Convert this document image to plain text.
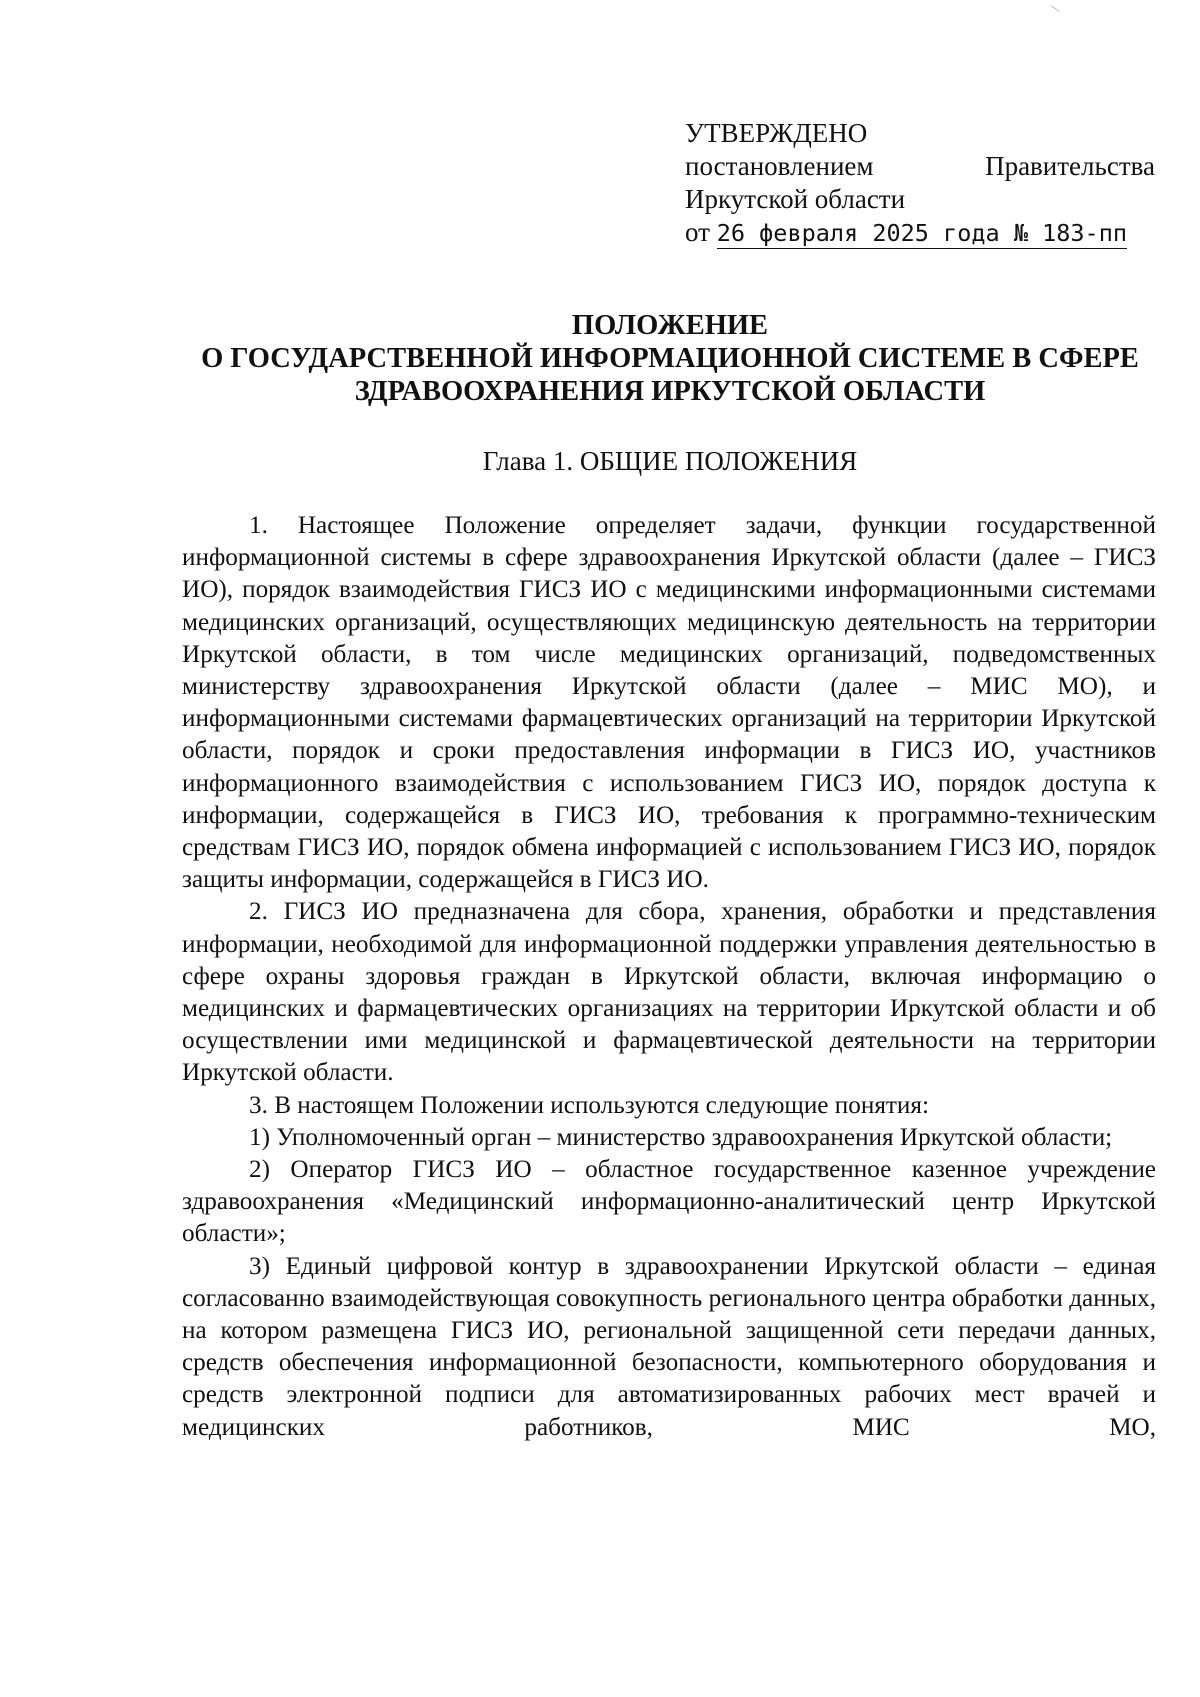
УТВЕРЖДЕНО
постановлением	Правительства
Иркутской области
от 26 февраля 2025 года № 183-пп
ПОЛОЖЕНИЕ
О ГОСУДАРСТВЕННОЙ ИНФОРМАЦИОННОЙ СИСТЕМЕ В СФЕРЕ
ЗДРАВООХРАНЕНИЯ ИРКУТСКОЙ ОБЛАСТИ
Глава 1. ОБЩИЕ ПОЛОЖЕНИЯ

1. Настоящее Положение определяет задачи, функции государственной информационной системы в сфере здравоохранения Иркутской области (далее – ГИСЗ ИО), порядок взаимодействия ГИСЗ ИО с медицинскими информационными системами медицинских организаций, осуществляющих медицинскую деятельность на территории Иркутской области, в том числе медицинских организаций, подведомственных министерству здравоохранения Иркутской области (далее – МИС МО), и информационными системами фармацевтических организаций на территории Иркутской области, порядок и сроки предоставления информации в ГИСЗ ИО, участников информационного взаимодействия с использованием ГИСЗ ИО, порядок доступа к информации, содержащейся в ГИСЗ ИО, требования к программно-техническим средствам ГИСЗ ИО, порядок обмена информацией с использованием ГИСЗ ИО, порядок защиты информации, содержащейся в ГИСЗ ИО.

2. ГИСЗ ИО предназначена для сбора, хранения, обработки и представления информации, необходимой для информационной поддержки управления деятельностью в сфере охраны здоровья граждан в Иркутской области, включая информацию о медицинских и фармацевтических организациях на территории Иркутской области и об осуществлении ими медицинской и фармацевтической деятельности на территории Иркутской области.

3. В настоящем Положении используются следующие понятия:

1) Уполномоченный орган – министерство здравоохранения Иркутской области;

2) Оператор ГИСЗ ИО – областное государственное казенное учреждение здравоохранения «Медицинский информационно-аналитический центр Иркутской области»;

3) Единый цифровой контур в здравоохранении Иркутской области – единая согласованно взаимодействующая совокупность регионального центра обработки данных, на котором размещена ГИСЗ ИО, региональной защищенной сети передачи данных, средств обеспечения информационной безопасности, компьютерного оборудования и средств электронной подписи для автоматизированных рабочих мест врачей и медицинских работников, МИС МО,
